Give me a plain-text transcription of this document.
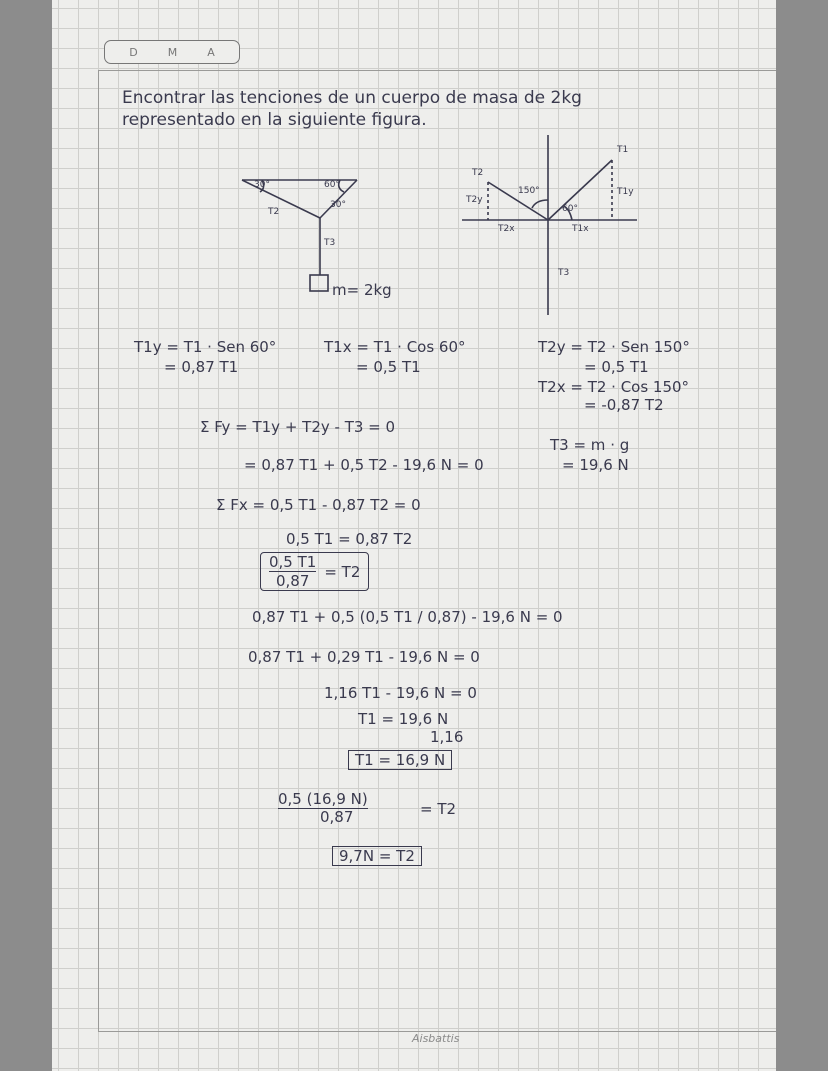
D	M	A
Encontrar las tenciones de un cuerpo de masa de 2kg
representado en la siguiente figura.
30°	60°
T2
30°
T3
m= 2kg
T1
T2
T1y
T2y
150°
60°
T2x	T1x
T3
T1y = T1 · Sen 60°
= 0,87 T1
T1x = T1 · Cos 60°
= 0,5 T1
T2y = T2 · Sen 150°
= 0,5 T1
T2x = T2 · Cos 150°
= -0,87 T2
Σ Fy = T1y + T2y - T3 = 0
= 0,87 T1 + 0,5 T2 - 19,6 N = 0
T3 = m · g
= 19,6 N
Σ Fx = 0,5 T1 - 0,87 T2 = 0
0,5 T1 = 0,87 T2
$\frac{0,5 T1}{0,87} = T2$
0,87 T1 + 0,5 (0,5 T1 / 0,87) - 19,6 N = 0
0,87 T1 + 0,29 T1 - 19,6 N = 0
1,16 T1 - 19,6 N = 0
T1 = 19,6 N
1,16
T1 = 16,9 N
0,5 (16,9 N)
0,87	= T2
9,7N = T2
Aisbattis
